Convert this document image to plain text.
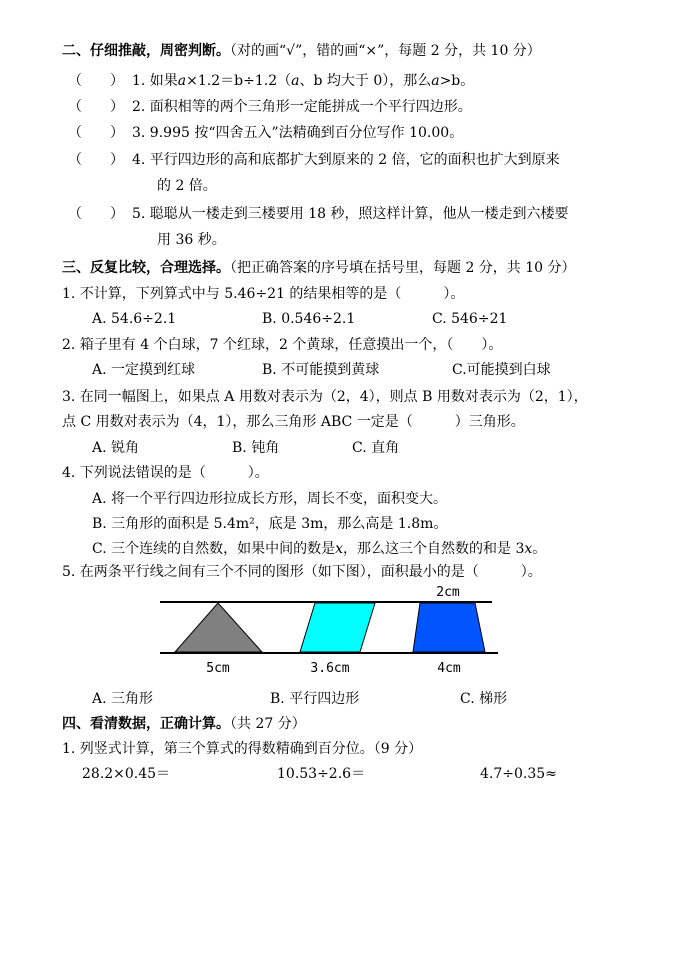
二、仔细推敲，周密判断。（对的画“√”，错的画“×”，每题 2 分，共 10 分）
（　　） 1. 如果𝑎×1.2＝b÷1.2（𝑎、b 均大于 0），那么𝑎>b。
（　　） 2. 面积相等的两个三角形一定能拼成一个平行四边形。
（　　） 3. 9.995 按“四舍五入”法精确到百分位写作 10.00。
（　　） 4. 平行四边形的高和底都扩大到原来的 2 倍，它的面积也扩大到原来
的 2 倍。
（　　） 5. 聪聪从一楼走到三楼要用 18 秒，照这样计算，他从一楼走到六楼要
用 36 秒。
三、反复比较，合理选择。（把正确答案的序号填在括号里，每题 2 分，共 10 分）
1. 不计算，下列算式中与 5.46÷21 的结果相等的是（　　　）。
A. 54.6÷2.1	B. 0.546÷2.1	C. 546÷21
2. 箱子里有 4 个白球，7 个红球，2 个黄球，任意摸出一个，（　　）。
A. 一定摸到红球	B. 不可能摸到黄球	C.可能摸到白球
3. 在同一幅图上，如果点 A 用数对表示为（2，4），则点 B 用数对表示为（2，1），
点 C 用数对表示为（4，1），那么三角形 ABC 一定是（　　　）三角形。
A. 锐角	B. 钝角	C. 直角
4. 下列说法错误的是（　　　）。
A. 将一个平行四边形拉成长方形，周长不变，面积变大。
B. 三角形的面积是 5.4m²，底是 3m，那么高是 1.8m。
C. 三个连续的自然数，如果中间的数是𝑥，那么这三个自然数的和是 3𝑥。
5. 在两条平行线之间有三个不同的图形（如下图），面积最小的是（　　　）。
2cm
5cm	3.6cm	4cm
A. 三角形	B. 平行四边形	C. 梯形
四、看清数据，正确计算。（共 27 分）
1. 列竖式计算，第三个算式的得数精确到百分位。（9 分）
28.2×0.45＝	10.53÷2.6＝	4.7÷0.35≈
